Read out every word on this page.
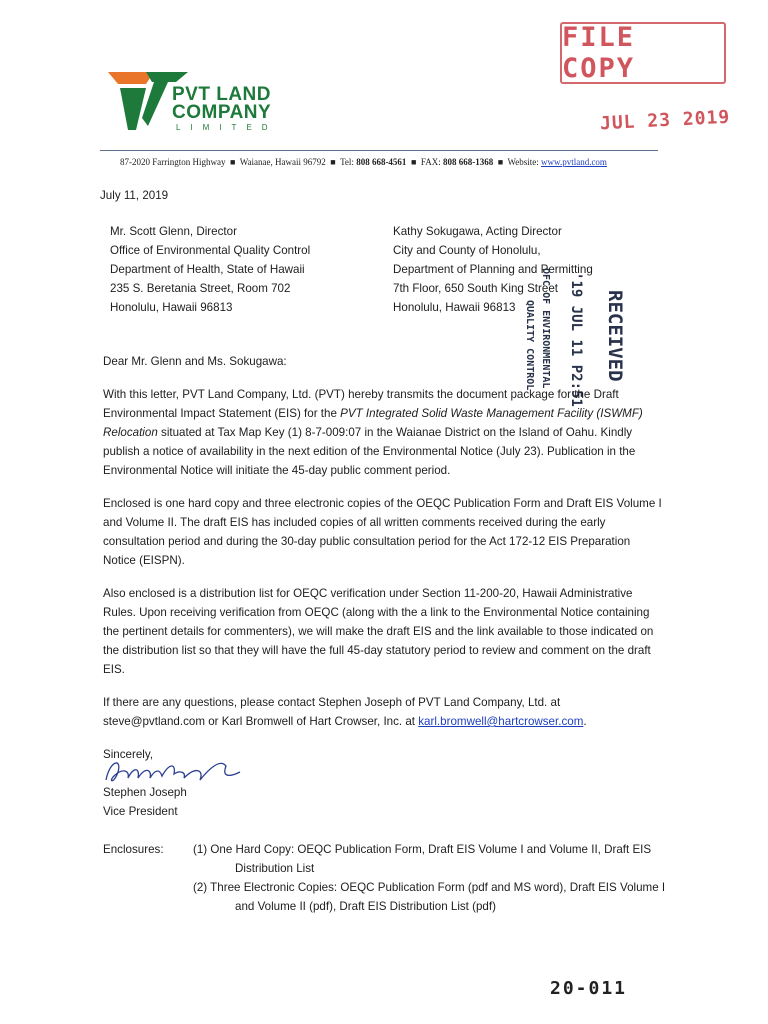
FILE COPY
JUL 23 2019
PVT LAND
COMPANY
LIMITED
87-2020 Farrington Highway  ■  Waianae, Hawaii 96792  ■  Tel: 808 668-4561  ■  FAX: 808 668-1368  ■  Website: www.pvtland.com
July 11, 2019
Mr. Scott Glenn, Director
Office of Environmental Quality Control
Department of Health, State of Hawaii
235 S. Beretania Street, Room 702
Honolulu, Hawaii 96813
Kathy Sokugawa, Acting Director
City and County of Honolulu,
Department of Planning and Permitting
7th Floor, 650 South King Street
Honolulu, Hawaii 96813	RECEIVED
'19 JUL 11 P2:51
OFC OF ENVIRONMENTAL
QUALITY CONTROL
Dear Mr. Glenn and Ms. Sokugawa:
With this letter, PVT Land Company, Ltd. (PVT) hereby transmits the document package for the Draft Environmental Impact Statement (EIS) for the PVT Integrated Solid Waste Management Facility (ISWMF) Relocation situated at Tax Map Key (1) 8-7-009:07 in the Waianae District on the Island of Oahu. Kindly publish a notice of availability in the next edition of the Environmental Notice (July 23). Publication in the Environmental Notice will initiate the 45-day public comment period.
Enclosed is one hard copy and three electronic copies of the OEQC Publication Form and Draft EIS Volume I and Volume II. The draft EIS has included copies of all written comments received during the early consultation period and during the 30-day public consultation period for the Act 172-12 EIS Preparation Notice (EISPN).
Also enclosed is a distribution list for OEQC verification under Section 11-200-20, Hawaii Administrative Rules. Upon receiving verification from OEQC (along with the a link to the Environmental Notice containing the pertinent details for commenters), we will make the draft EIS and the link available to those indicated on the distribution list so that they will have the full 45-day statutory period to review and comment on the draft EIS.
If there are any questions, please contact Stephen Joseph of PVT Land Company, Ltd. at steve@pvtland.com or Karl Bromwell of Hart Crowser, Inc. at karl.bromwell@hartcrowser.com.
Sincerely,
Stephen Joseph
Vice President
Enclosures:	(1) One Hard Copy: OEQC Publication Form, Draft EIS Volume I and Volume II, Draft EIS
Distribution List
(2) Three Electronic Copies: OEQC Publication Form (pdf and MS word), Draft EIS Volume I
and Volume II (pdf), Draft EIS Distribution List (pdf)
20-011
